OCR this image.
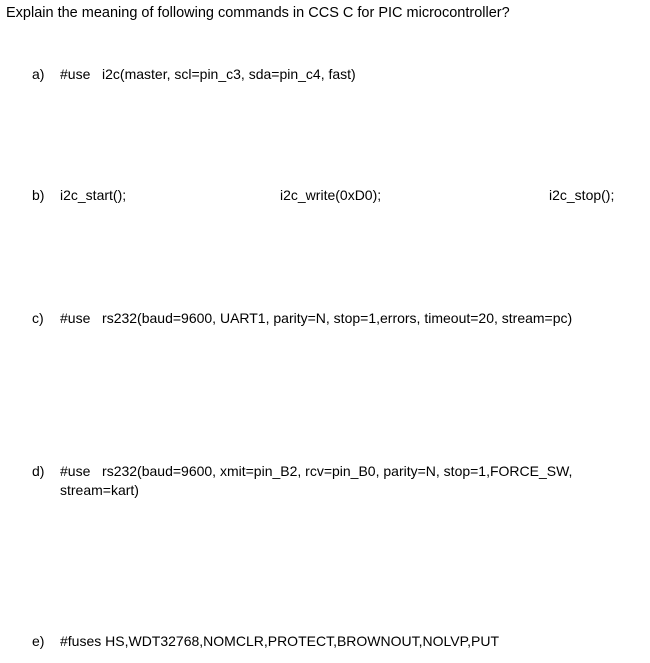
Explain the meaning of following commands in CCS C for PIC microcontroller?
a) #use   i2c(master, scl=pin_c3, sda=pin_c4, fast)
b) i2c_start();	i2c_write(0xD0);	i2c_stop();
c) #use   rs232(baud=9600, UART1, parity=N, stop=1,errors, timeout=20, stream=pc)
d) #use   rs232(baud=9600, xmit=pin_B2, rcv=pin_B0, parity=N, stop=1,FORCE_SW,
stream=kart)
e) #fuses HS,WDT32768,NOMCLR,PROTECT,BROWNOUT,NOLVP,PUT
